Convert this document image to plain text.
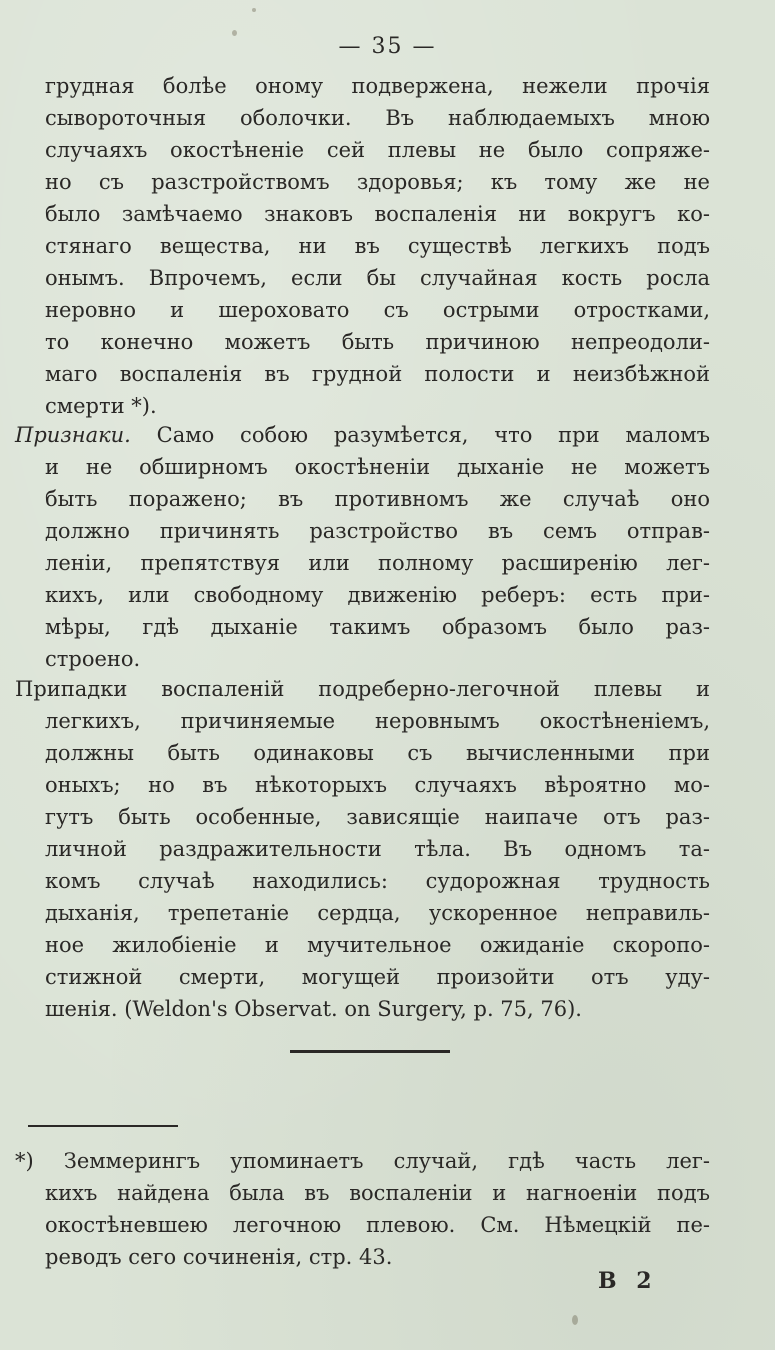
— 35 —
грудная болѣе оному подвержена, нежели прочія
сывороточныя оболочки. Въ наблюдаемыхъ мною
случаяхъ окостѣненіе сей плевы не было сопряже-
но съ разстройствомъ здоровья; къ тому же не
было замѣчаемо знаковъ воспаленія ни вокругъ ко-
стянаго вещества, ни въ существѣ легкихъ подъ
онымъ. Впрочемъ, если бы случайная кость росла
неровно и шероховато съ острыми отростками,
то конечно можетъ быть причиною непреодоли-
маго воспаленія въ грудной полости и неизбѣжной
смерти *).
Признаки. Само собою разумѣется, что при маломъ
и не обширномъ окостѣненіи дыханіе не можетъ
быть поражено; въ противномъ же случаѣ оно
должно причинять разстройство въ семъ отправ-
леніи, препятствуя или полному расширенію лег-
кихъ, или свободному движенію реберъ: есть при-
мѣры, гдѣ дыханіе такимъ образомъ было раз-
строено.
Припадки воспаленій подреберно-легочной плевы и
легкихъ, причиняемые неровнымъ окостѣненіемъ,
должны быть одинаковы съ вычисленными при
оныхъ; но въ нѣкоторыхъ случаяхъ вѣроятно мо-
гутъ быть особенные, зависящіе наипаче отъ раз-
личной раздражительности тѣла. Въ одномъ та-
комъ случаѣ находились: судорожная трудность
дыханія, трепетаніе сердца, ускоренное неправиль-
ное жилобіеніе и мучительное ожиданіе скоропо-
стижной смерти, могущей произойти отъ уду-
шенія. (Weldon's Observat. on Surgery, p. 75, 76).
*) Земмерингъ упоминаетъ случай, гдѣ часть лег-
кихъ найдена была въ воспаленіи и нагноеніи подъ
окостѣневшею легочною плевою. См. Нѣмецкій пе-
реводъ сего сочиненія, стр. 43.
В 2
